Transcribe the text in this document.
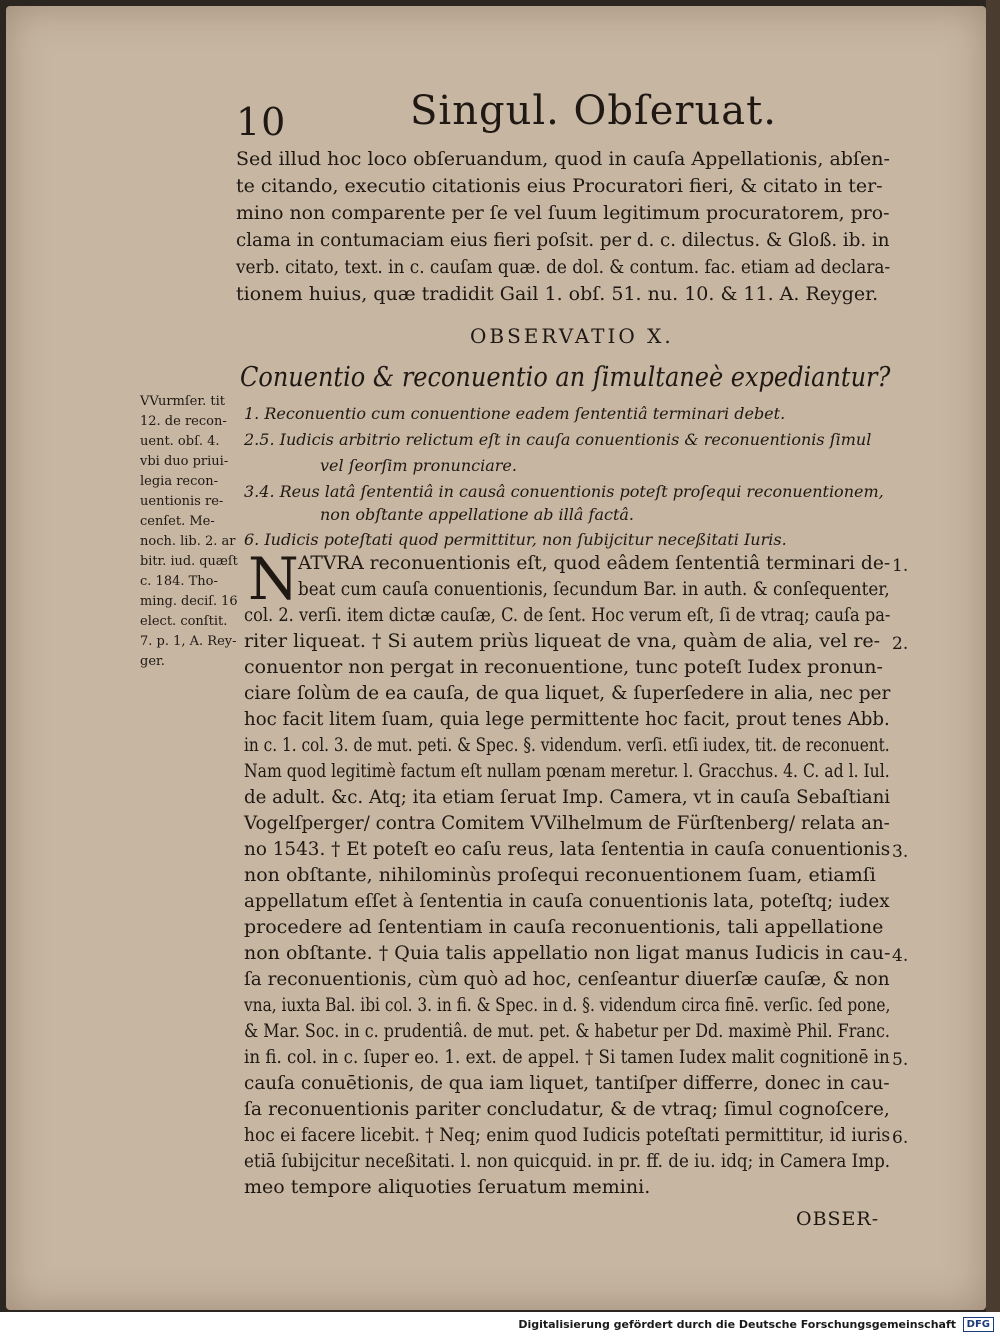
10	Singul. Obſeruat.
Sed illud hoc loco obſeruandum, quod in cauſa Appellationis, abſen-
te citando, executio citationis eius Procuratori fieri, & citato in ter-
mino non comparente per ſe vel ſuum legitimum procuratorem, pro-
clama in contumaciam eius fieri poſsit. per d. c. dilectus. & Gloß. ib. in
verb. citato, text. in c. cauſam quæ. de dol. & contum. fac. etiam ad declara-
tionem huius, quæ tradidit Gail 1. obſ. 51. nu. 10. & 11. A. Reyger.
OBSERVATIO X.
Conuentio & reconuentio an ſimultaneè expediantur?
1. Reconuentio cum conuentione eadem ſententiâ terminari debet.
2.5. Iudicis arbitrio relictum eſt in cauſa conuentionis & reconuentionis ſimul
vel ſeorſim pronunciare.
3.4. Reus latâ ſententiâ in causâ conuentionis poteſt proſequi reconuentionem,
non obſtante appellatione ab illâ factâ.
6. Iudicis poteſtati quod permittitur, non ſubijcitur neceßitati Iuris.
VVurmſer. tit
12. de recon-
uent. obſ. 4.
vbi duo priui-
legia recon-
uentionis re-
cenſet. Me-
noch. lib. 2. ar
bitr. iud. quæſt
c. 184. Tho-
ming. deciſ. 16
elect. conſtit.
7. p. 1, A. Rey-
ger.
N ATVRA reconuentionis eſt, quod eâdem ſententiâ terminari de-
beat cum cauſa conuentionis, ſecundum Bar. in auth. & conſequenter,
col. 2. verſi. item dictæ cauſæ, C. de ſent. Hoc verum eſt, ſi de vtraq; cauſa pa-
riter liqueat. † Si autem priùs liqueat de vna, quàm de alia, vel re-
conuentor non pergat in reconuentione, tunc poteſt Iudex pronun-
ciare ſolùm de ea cauſa, de qua liquet, & ſuperſedere in alia, nec per
hoc facit litem ſuam, quia lege permittente hoc facit, prout tenes Abb.
in c. 1. col. 3. de mut. peti. & Spec. §. videndum. verſi. etſi iudex, tit. de reconuent.
Nam quod legitimè factum eſt nullam pœnam meretur. l. Gracchus. 4. C. ad l. Iul.
de adult. &c. Atq; ita etiam ſeruat Imp. Camera, vt in cauſa Sebaſtiani
Vogelſperger/ contra Comitem VVilhelmum de Fürſtenberg/ relata an-
no 1543. † Et poteſt eo caſu reus, lata ſententia in cauſa conuentionis
non obſtante, nihilominùs proſequi reconuentionem ſuam, etiamſi
appellatum eſſet à ſententia in cauſa conuentionis lata, poteſtq; iudex
procedere ad ſententiam in cauſa reconuentionis, tali appellatione
non obſtante. † Quia talis appellatio non ligat manus Iudicis in cau-
ſa reconuentionis, cùm quò ad hoc, cenſeantur diuerſæ cauſæ, & non
vna, iuxta Bal. ibi col. 3. in fi. & Spec. in d. §. videndum circa finē. verſic. ſed pone,
& Mar. Soc. in c. prudentiâ. de mut. pet. & habetur per Dd. maximè Phil. Franc.
in fi. col. in c. ſuper eo. 1. ext. de appel. † Si tamen Iudex malit cognitionē in
cauſa conuētionis, de qua iam liquet, tantiſper differre, donec in cau-
ſa reconuentionis pariter concludatur, & de vtraq; ſimul cognoſcere,
hoc ei facere licebit. † Neq; enim quod Iudicis poteſtati permittitur, id iuris
etiā ſubijcitur neceßitati. l. non quicquid. in pr. ff. de iu. idq; in Camera Imp.
meo tempore aliquoties ſeruatum memini.
1.
2.
3.
4.
5.
6.
OBSER-
Digitalisierung gefördert durch die Deutsche Forschungsgemeinschaft	DFG
